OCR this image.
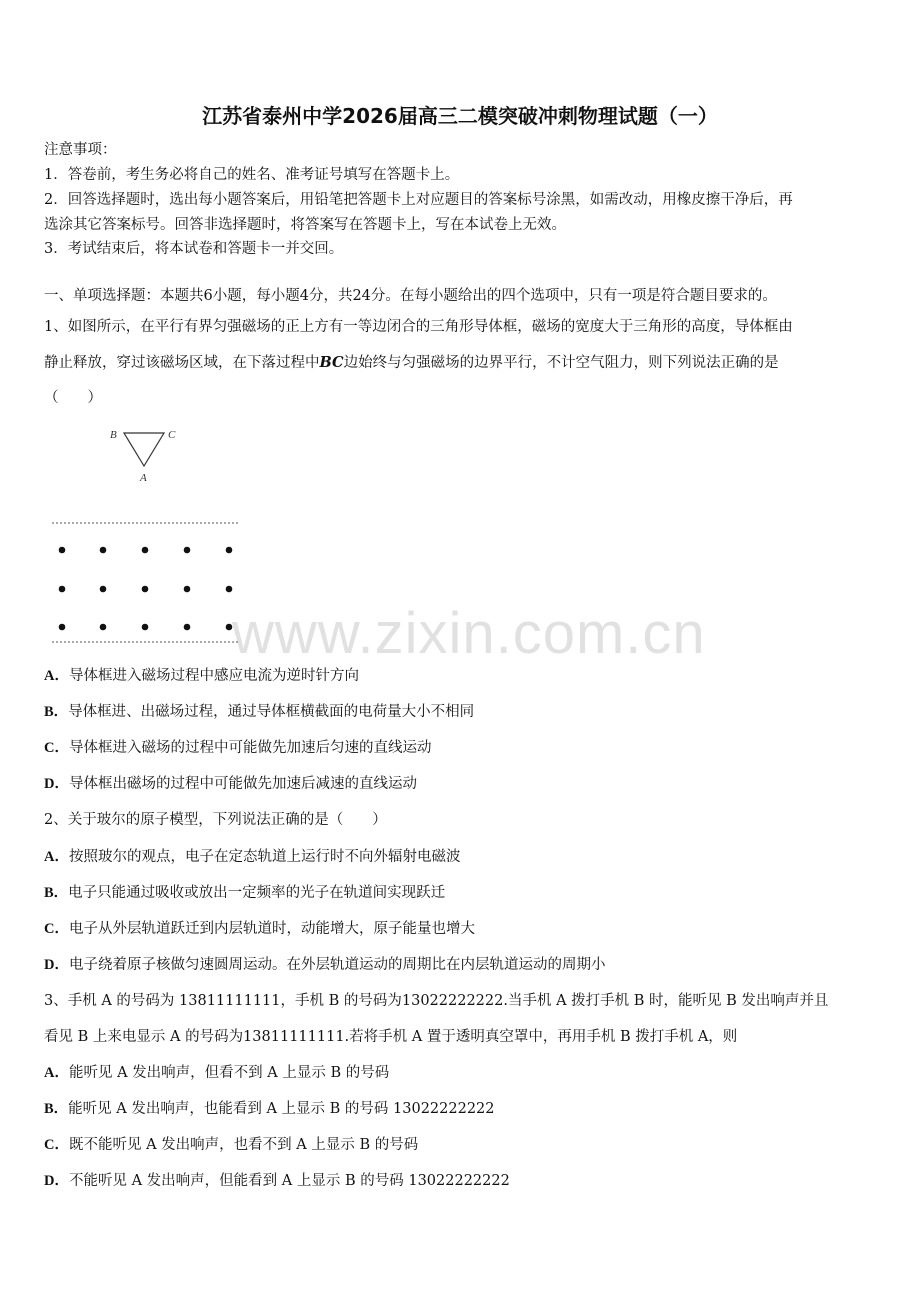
江苏省泰州中学2026届高三二模突破冲刺物理试题（一）
注意事项：
1．答卷前，考生务必将自己的姓名、准考证号填写在答题卡上。
2．回答选择题时，选出每小题答案后，用铅笔把答题卡上对应题目的答案标号涂黑，如需改动，用橡皮擦干净后，再
选涂其它答案标号。回答非选择题时，将答案写在答题卡上，写在本试卷上无效。
3．考试结束后，将本试卷和答题卡一并交回。
一、单项选择题：本题共6小题，每小题4分，共24分。在每小题给出的四个选项中，只有一项是符合题目要求的。
1、如图所示，在平行有界匀强磁场的正上方有一等边闭合的三角形导体框，磁场的宽度大于三角形的高度，导体框由
静止释放，穿过该磁场区域，在下落过程中BC边始终与匀强磁场的边界平行，不计空气阻力，则下列说法正确的是
（　　）
B	C
A
www.zixin.com.cn
A．导体框进入磁场过程中感应电流为逆时针方向
B．导体框进、出磁场过程，通过导体框横截面的电荷量大小不相同
C．导体框进入磁场的过程中可能做先加速后匀速的直线运动
D．导体框出磁场的过程中可能做先加速后减速的直线运动
2、关于玻尔的原子模型，下列说法正确的是（　　）
A．按照玻尔的观点，电子在定态轨道上运行时不向外辐射电磁波
B．电子只能通过吸收或放出一定频率的光子在轨道间实现跃迁
C．电子从外层轨道跃迁到内层轨道时，动能增大，原子能量也增大
D．电子绕着原子核做匀速圆周运动。在外层轨道运动的周期比在内层轨道运动的周期小
3、手机 A 的号码为 13811111111，手机 B 的号码为13022222222.当手机 A 拨打手机 B 时，能听见 B 发出响声并且
看见 B 上来电显示 A 的号码为13811111111.若将手机 A 置于透明真空罩中，再用手机 B 拨打手机 A，则
A．能听见 A 发出响声，但看不到 A 上显示 B 的号码
B．能听见 A 发出响声，也能看到 A 上显示 B 的号码 13022222222
C．既不能听见 A 发出响声，也看不到 A 上显示 B 的号码
D．不能听见 A 发出响声，但能看到 A 上显示 B 的号码 13022222222
